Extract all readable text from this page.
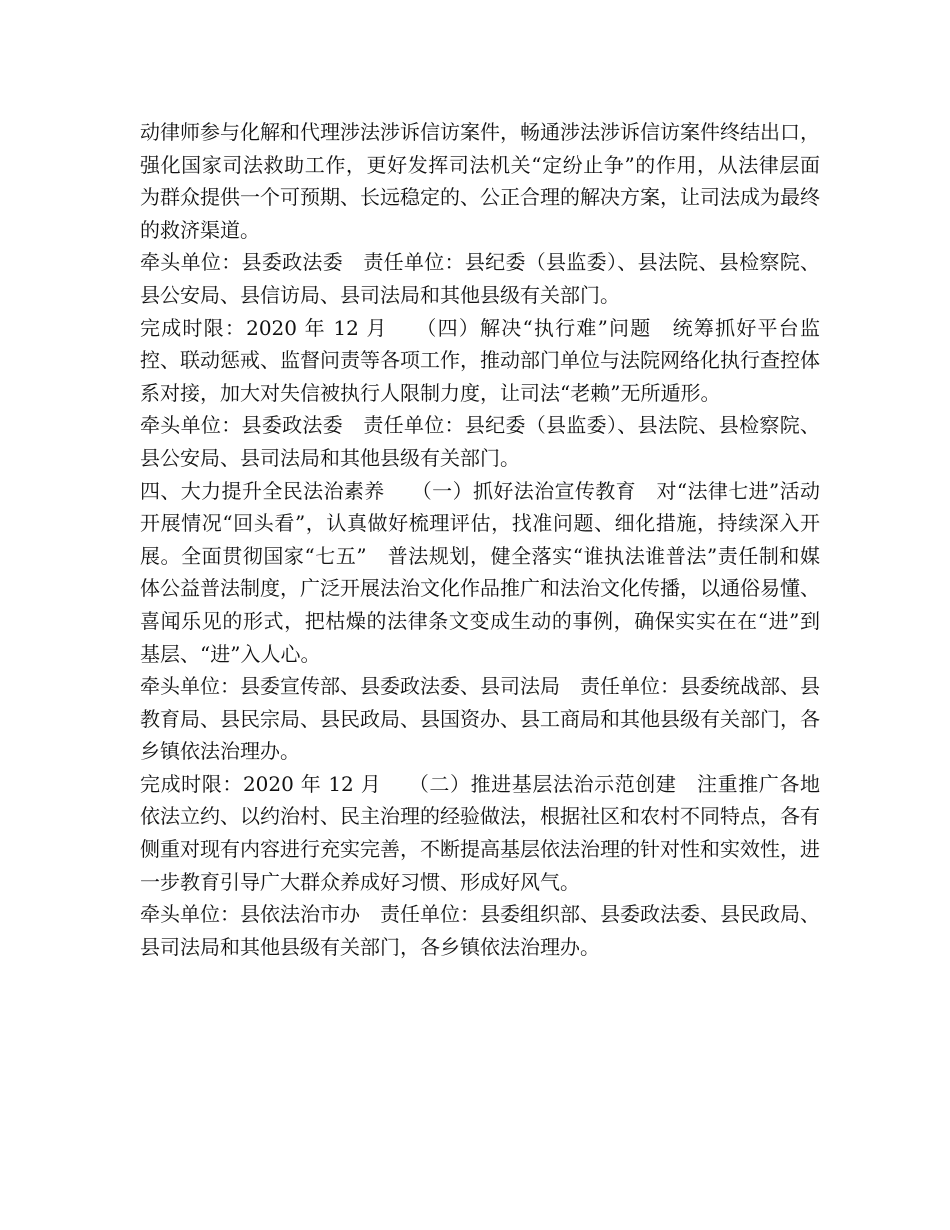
动律师参与化解和代理涉法涉诉信访案件，畅通涉法涉诉信访案件终结出口，强化国家司法救助工作，更好发挥司法机关“定纷止争”的作用，从法律层面为群众提供一个可预期、长远稳定的、公正合理的解决方案，让司法成为最终的救济渠道。

牵头单位：县委政法委　责任单位：县纪委（县监委）、县法院、县检察院、县公安局、县信访局、县司法局和其他县级有关部门。

完成时限：2020 年 12 月　 （四）解决“执行难”问题　统筹抓好平台监控、联动惩戒、监督问责等各项工作，推动部门单位与法院网络化执行查控体系对接，加大对失信被执行人限制力度，让司法“老赖”无所遁形。

牵头单位：县委政法委　责任单位：县纪委（县监委）、县法院、县检察院、县公安局、县司法局和其他县级有关部门。

四、大力提升全民法治素养　 （一）抓好法治宣传教育　对“法律七进”活动开展情况“回头看”，认真做好梳理评估，找准问题、细化措施，持续深入开展。全面贯彻国家“七五”　普法规划，健全落实“谁执法谁普法”责任制和媒体公益普法制度，广泛开展法治文化作品推广和法治文化传播，以通俗易懂、喜闻乐见的形式，把枯燥的法律条文变成生动的事例，确保实实在在“进”到基层、“进”入人心。

牵头单位：县委宣传部、县委政法委、县司法局　责任单位：县委统战部、县教育局、县民宗局、县民政局、县国资办、县工商局和其他县级有关部门，各乡镇依法治理办。

完成时限：2020 年 12 月　 （二）推进基层法治示范创建　注重推广各地依法立约、以约治村、民主治理的经验做法，根据社区和农村不同特点，各有侧重对现有内容进行充实完善，不断提高基层依法治理的针对性和实效性，进一步教育引导广大群众养成好习惯、形成好风气。

牵头单位：县依法治市办　责任单位：县委组织部、县委政法委、县民政局、县司法局和其他县级有关部门，各乡镇依法治理办。
